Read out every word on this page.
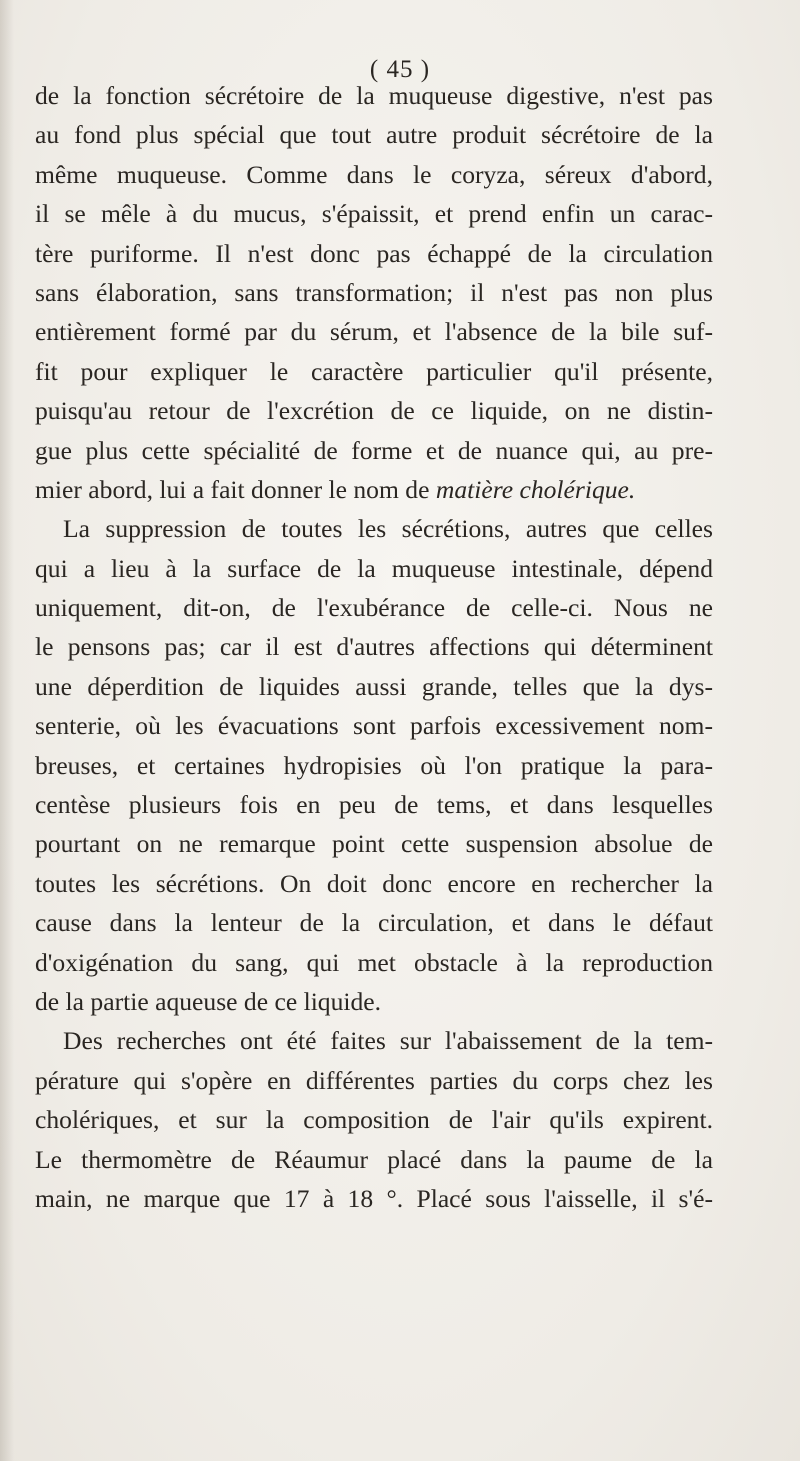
( 45 )
de la fonction sécrétoire de la muqueuse digestive, n'est pas
au fond plus spécial que tout autre produit sécrétoire de la
même muqueuse. Comme dans le coryza, séreux d'abord,
il se mêle à du mucus, s'épaissit, et prend enfin un carac-
tère puriforme. Il n'est donc pas échappé de la circulation
sans élaboration, sans transformation; il n'est pas non plus
entièrement formé par du sérum, et l'absence de la bile suf-
fit pour expliquer le caractère particulier qu'il présente,
puisqu'au retour de l'excrétion de ce liquide, on ne distin-
gue plus cette spécialité de forme et de nuance qui, au pre-
mier abord, lui a fait donner le nom de matière cholérique.
La suppression de toutes les sécrétions, autres que celles
qui a lieu à la surface de la muqueuse intestinale, dépend
uniquement, dit-on, de l'exubérance de celle-ci. Nous ne
le pensons pas; car il est d'autres affections qui déterminent
une déperdition de liquides aussi grande, telles que la dys-
senterie, où les évacuations sont parfois excessivement nom-
breuses, et certaines hydropisies où l'on pratique la para-
centèse plusieurs fois en peu de tems, et dans lesquelles
pourtant on ne remarque point cette suspension absolue de
toutes les sécrétions. On doit donc encore en rechercher la
cause dans la lenteur de la circulation, et dans le défaut
d'oxigénation du sang, qui met obstacle à la reproduction
de la partie aqueuse de ce liquide.
Des recherches ont été faites sur l'abaissement de la tem-
pérature qui s'opère en différentes parties du corps chez les
cholériques, et sur la composition de l'air qu'ils expirent.
Le thermomètre de Réaumur placé dans la paume de la
main, ne marque que 17 à 18 °. Placé sous l'aisselle, il s'é-
